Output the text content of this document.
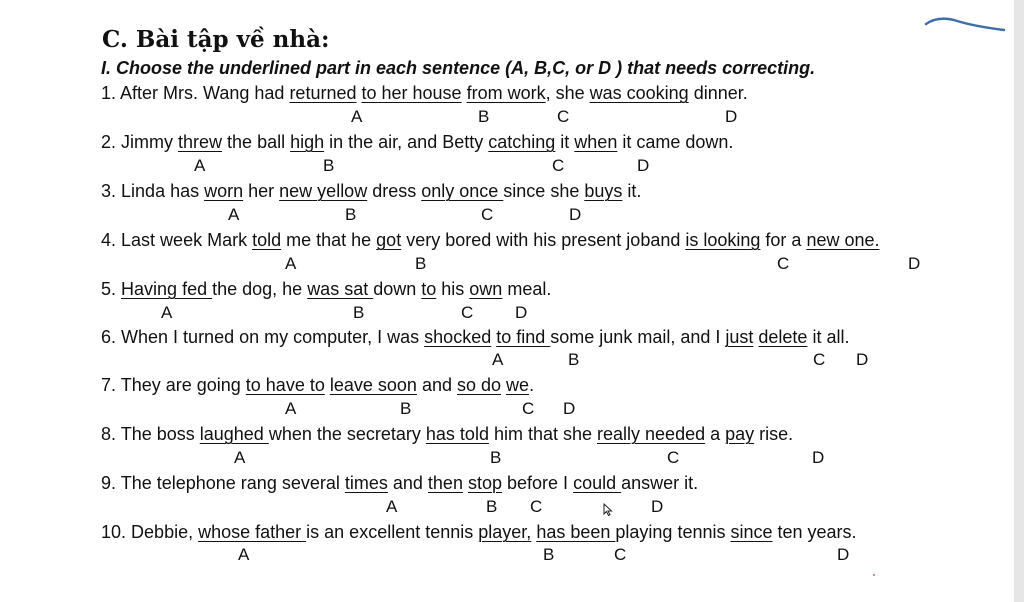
C. Bài tập về nhà:
I. Choose the underlined part in each sentence (A, B,C, or D ) that needs correcting.
1. After Mrs. Wang had returned to her house from work, she was cooking dinner.
A	B	C	D
2. Jimmy threw the ball high in the air, and Betty catching it when it came down.
A	B	C	D
3. Linda has worn her new yellow dress only once since she buys it.
A	B	C	D
4. Last week Mark told me that he got very bored with his present joband is looking for a new one.
A	B	C	D
5. Having fed the dog, he was sat down to his own meal.
A	B	C D
6. When I turned on my computer, I was shocked to find some junk mail, and I just delete it all.
A	B	C D
7. They are going to have to leave soon and so do we.
A	B	C D
8. The boss laughed when the secretary has told him that she really needed a pay rise.
A	B	C	D
9. The telephone rang several times and then stop before I could answer it.
A	B C	D
10. Debbie, whose father is an excellent tennis player, has been playing tennis since ten years.
A	B	C	D
